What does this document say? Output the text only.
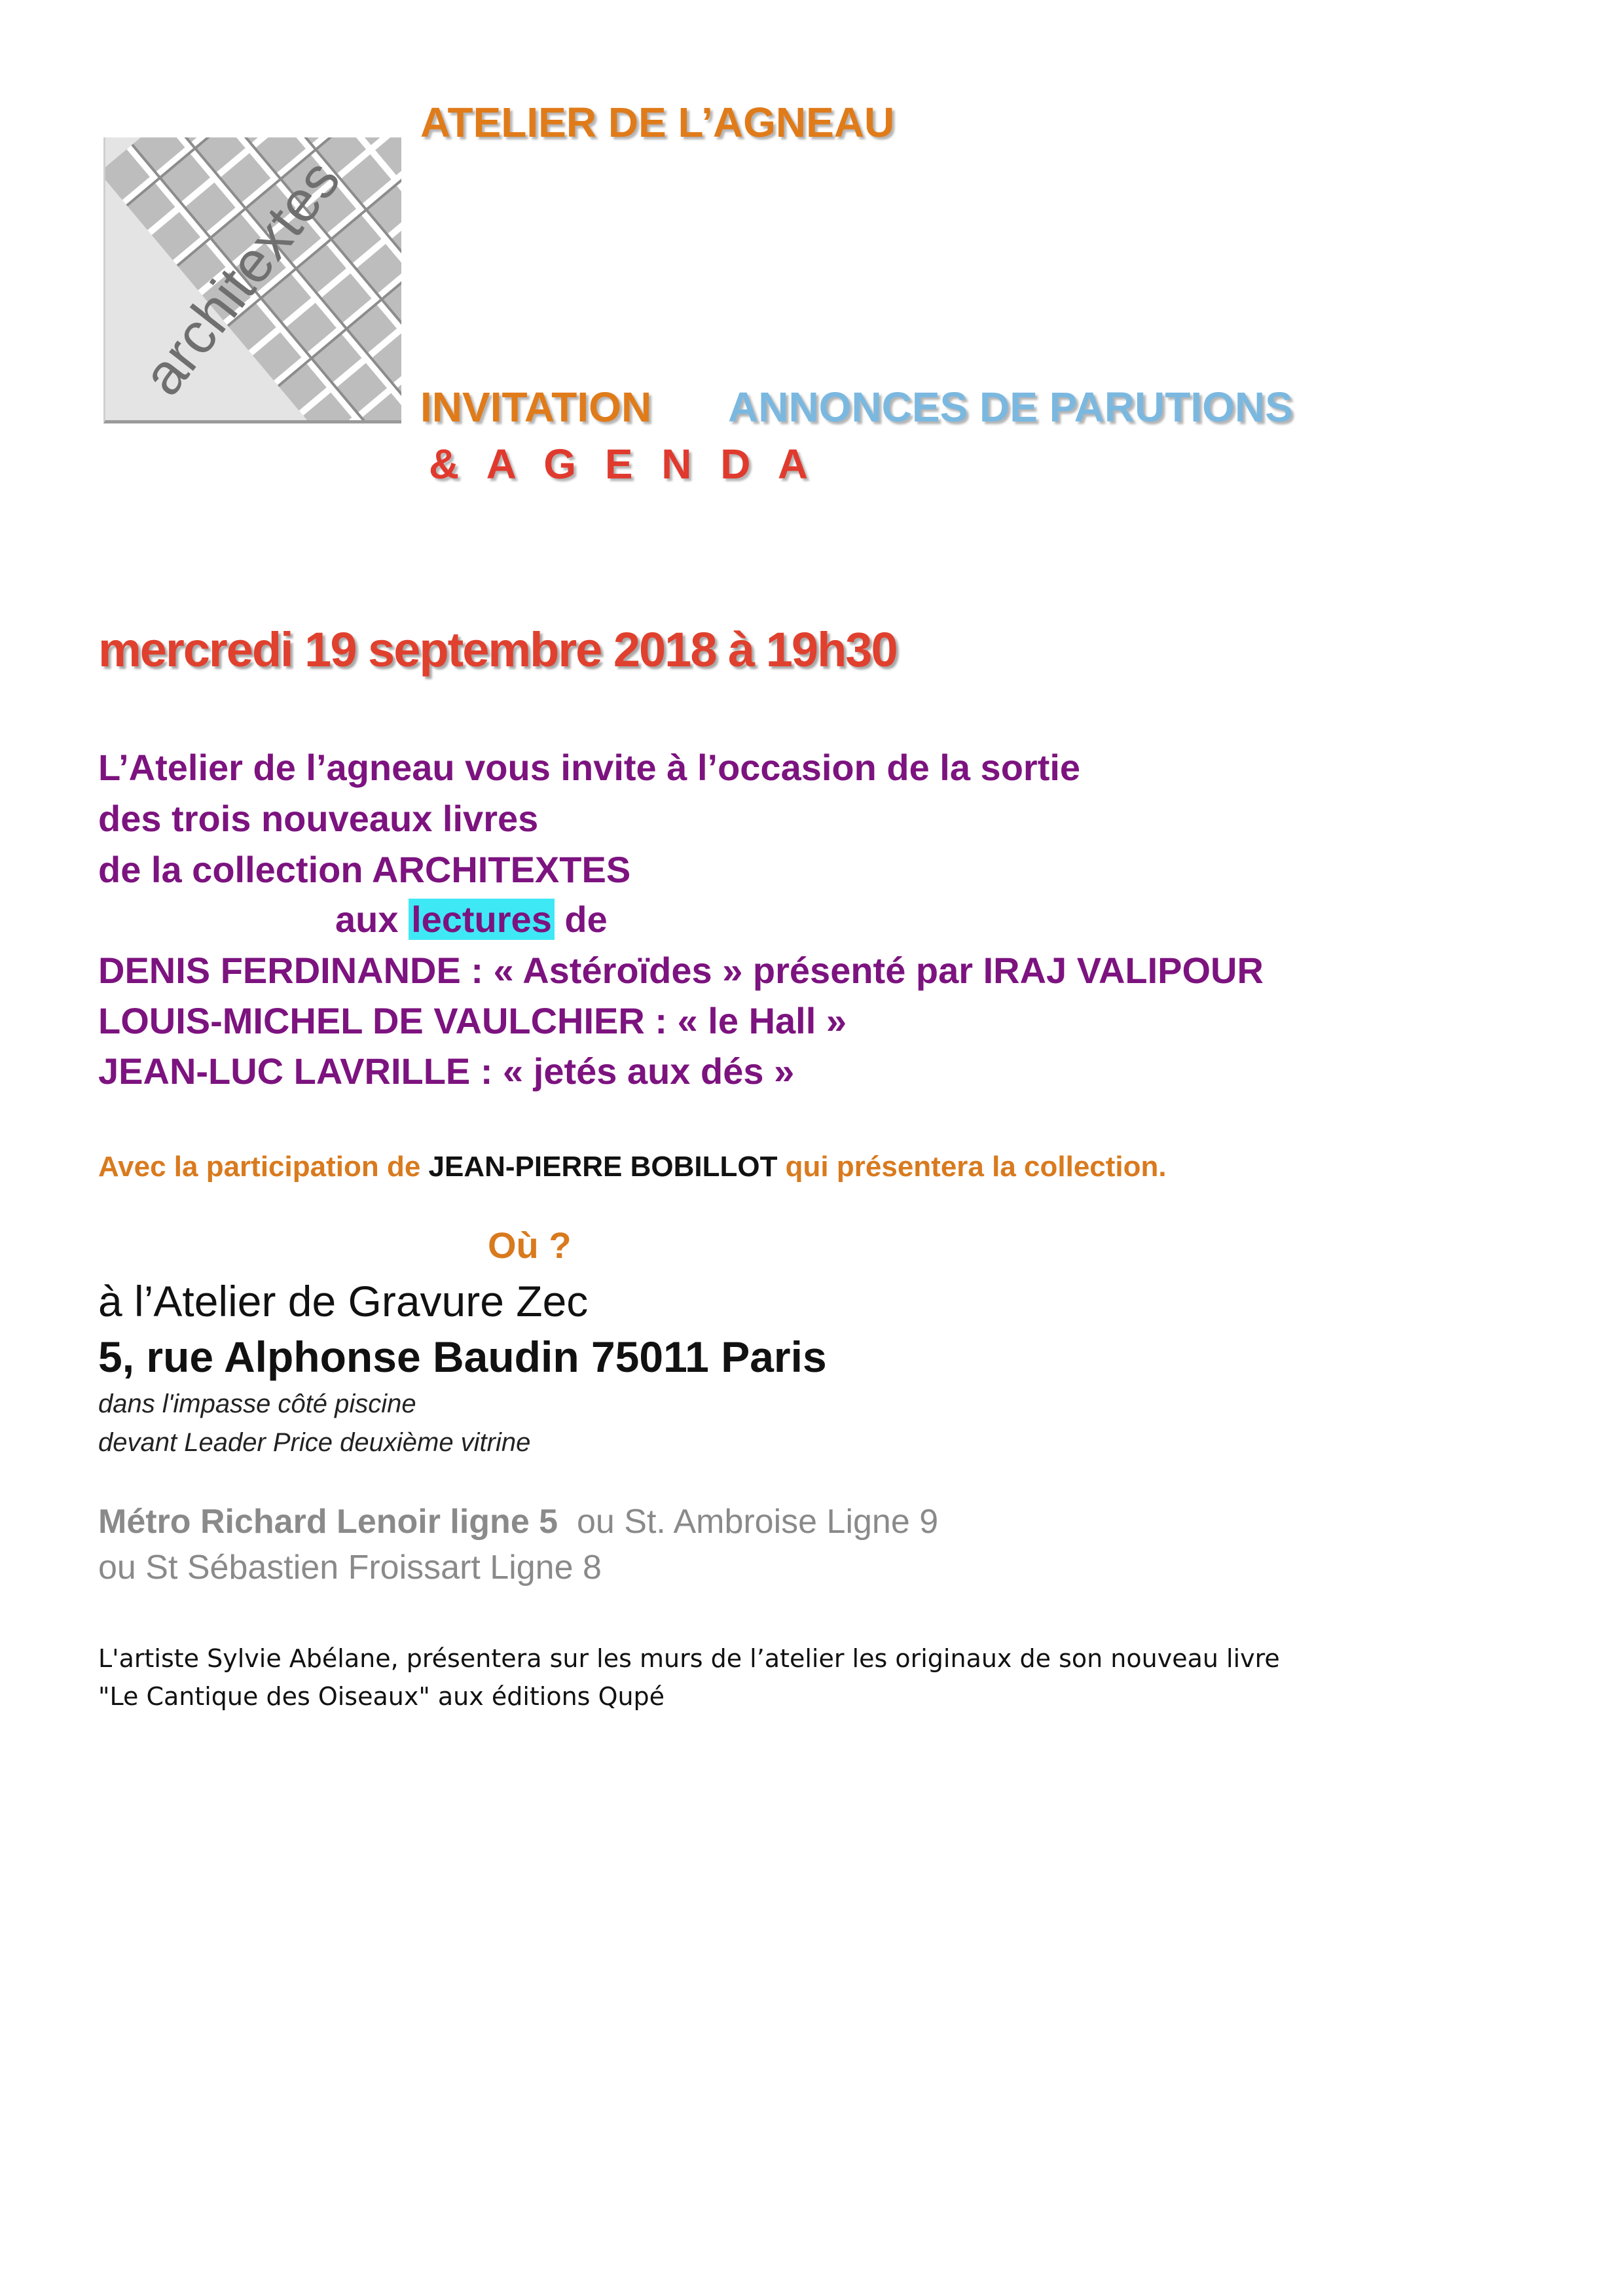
architextes
ATELIER DE L’AGNEAU
INVITATION ANNONCES DE PARUTIONS
& A G E N D A
mercredi 19 septembre 2018 à 19h30
L’Atelier de l’agneau vous invite à l’occasion de la sortie
des trois nouveaux livres
de la collection ARCHITEXTES
aux lectures de
DENIS FERDINANDE : « Astéroïdes » présenté par IRAJ VALIPOUR
LOUIS-MICHEL DE VAULCHIER : « le Hall »
JEAN-LUC LAVRILLE : « jetés aux dés »
Avec la participation de JEAN-PIERRE BOBILLOT qui présentera la collection.
Où ?
à l’Atelier de Gravure Zec
5, rue Alphonse Baudin 75011 Paris
dans l'impasse côté piscine
devant Leader Price deuxième vitrine
Métro Richard Lenoir ligne 5  ou St. Ambroise Ligne 9
ou St Sébastien Froissart Ligne 8
L'artiste Sylvie Abélane, présentera sur les murs de l’atelier les originaux de son nouveau livre
"Le Cantique des Oiseaux" aux éditions Qupé
